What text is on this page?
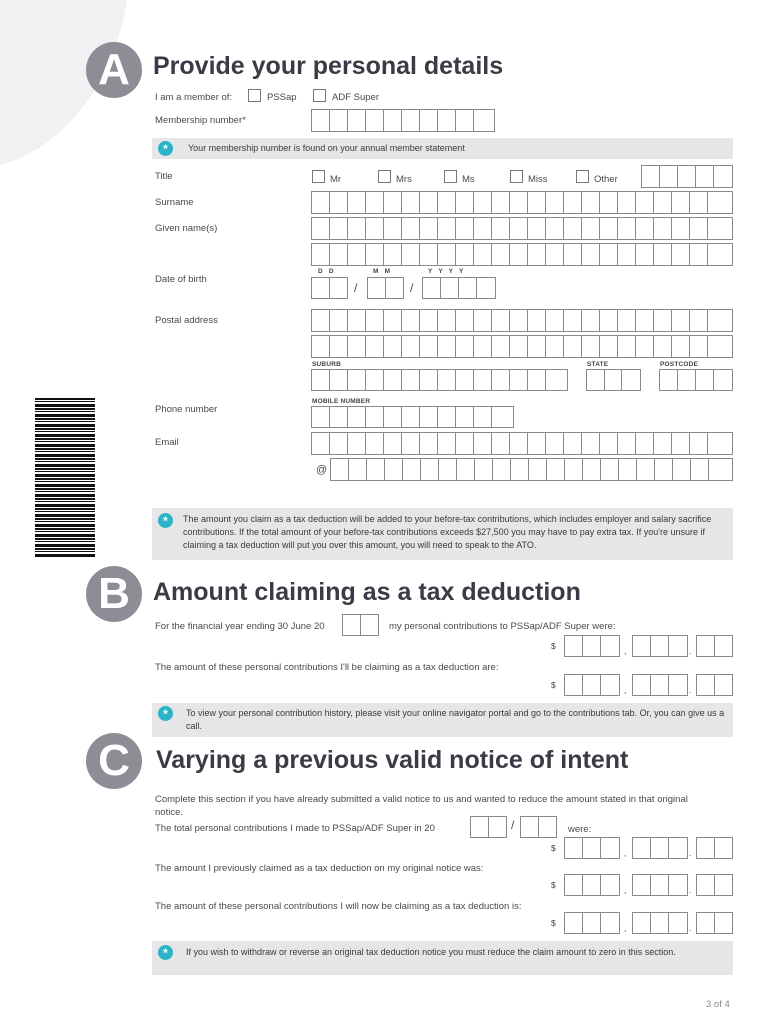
A Provide your personal details
I am a member of:	PSSap	ADF Super
Membership number*
*	Your membership number is found on your annual member statement
Title	Mr	Mrs	Ms	Miss	Other
Surname
Given name(s)
Date of birth
D   D	M   M	Y   Y   Y   Y
/	/
Postal address
SUBURB	STATE	POSTCODE
MOBILE NUMBER
Phone number
Email
@
*	The amount you claim as a tax deduction will be added to your before-tax contributions, which includes employer and salary sacrifice contributions. If the total amount of your before-tax contributions exceeds $27,500 you may have to pay extra tax. If you're unsure if claiming a tax deduction will put you over this amount, you will need to speak to the ATO.
B Amount claiming as a tax deduction
For the financial year ending 30 June 20	my personal contributions to PSSap/ADF Super were:
$	,	.
The amount of these personal contributions I'll be claiming as a tax deduction are:
$	,	.
*	To view your personal contribution history, please visit your online navigator portal and go to the contributions tab. Or, you can give us a call.
C	Varying a previous valid notice of intent
Complete this section if you have already submitted a valid notice to us and wanted to reduce the amount stated in that original notice.
The total personal contributions I made to PSSap/ADF Super in 20	/	were:
$	,	.
The amount I previously claimed as a tax deduction on my original notice was:
$	,	.
The amount of these personal contributions I will now be claiming as a tax deduction is:
$	,	.
*	If you wish to withdraw or reverse an original tax deduction notice you must reduce the claim amount to zero in this section.
3 of 4
